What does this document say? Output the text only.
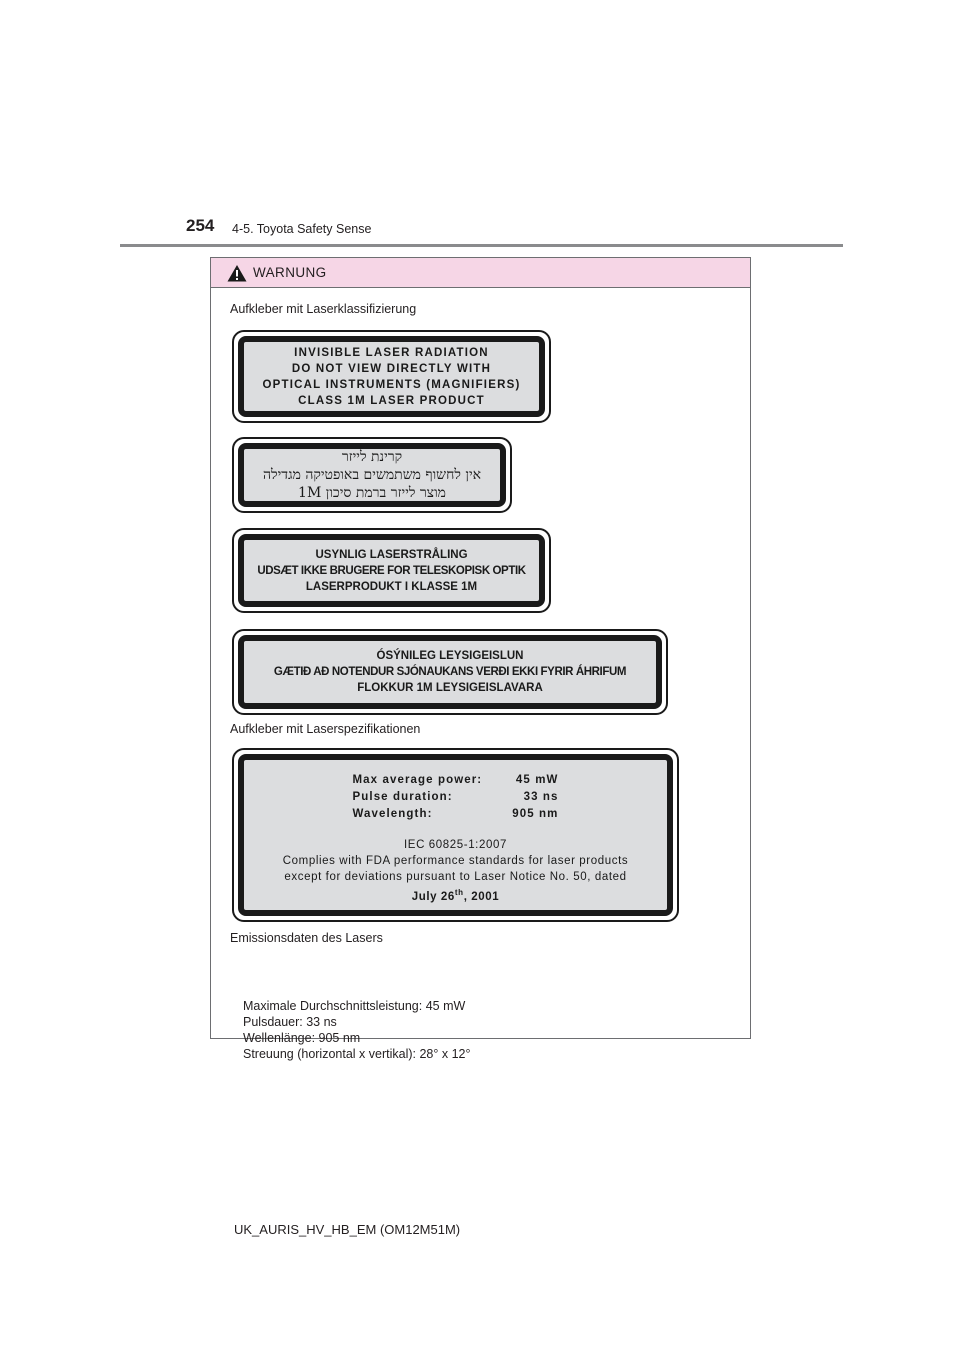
254 4-5. Toyota Safety Sense
WARNUNG
Aufkleber mit Laserklassifizierung
INVISIBLE LASER RADIATION
DO NOT VIEW DIRECTLY WITH
OPTICAL INSTRUMENTS (MAGNIFIERS)
CLASS 1M LASER PRODUCT
קרינת לייזר
אין לחשוף משתמשים באופטיקה מגדילה
מוצר לייזר ברמת סיכון 1M
USYNLIG LASERSTRÅLING
UDSÆT IKKE BRUGERE FOR TELESKOPISK OPTIK
LASERPRODUKT I KLASSE 1M
ÓSÝNILEG LEYSIGEISLUN
GÆTIÐ AÐ NOTENDUR SJÓNAUKANS VERÐI EKKI FYRIR ÁHRIFUM
FLOKKUR 1M LEYSIGEISLAVARA
Aufkleber mit Laserspezifikationen
Max average power:	45 mW
Pulse duration:	33 ns
Wavelength:	905 nm
IEC 60825-1:2007
Complies with FDA performance standards for laser products
except for deviations pursuant to Laser Notice No. 50, dated
July 26th, 2001
Emissionsdaten des Lasers
Maximale Durchschnittsleistung: 45 mW
Pulsdauer: 33 ns
Wellenlänge: 905 nm
Streuung (horizontal x vertikal): 28° x 12°
UK_AURIS_HV_HB_EM (OM12M51M)
